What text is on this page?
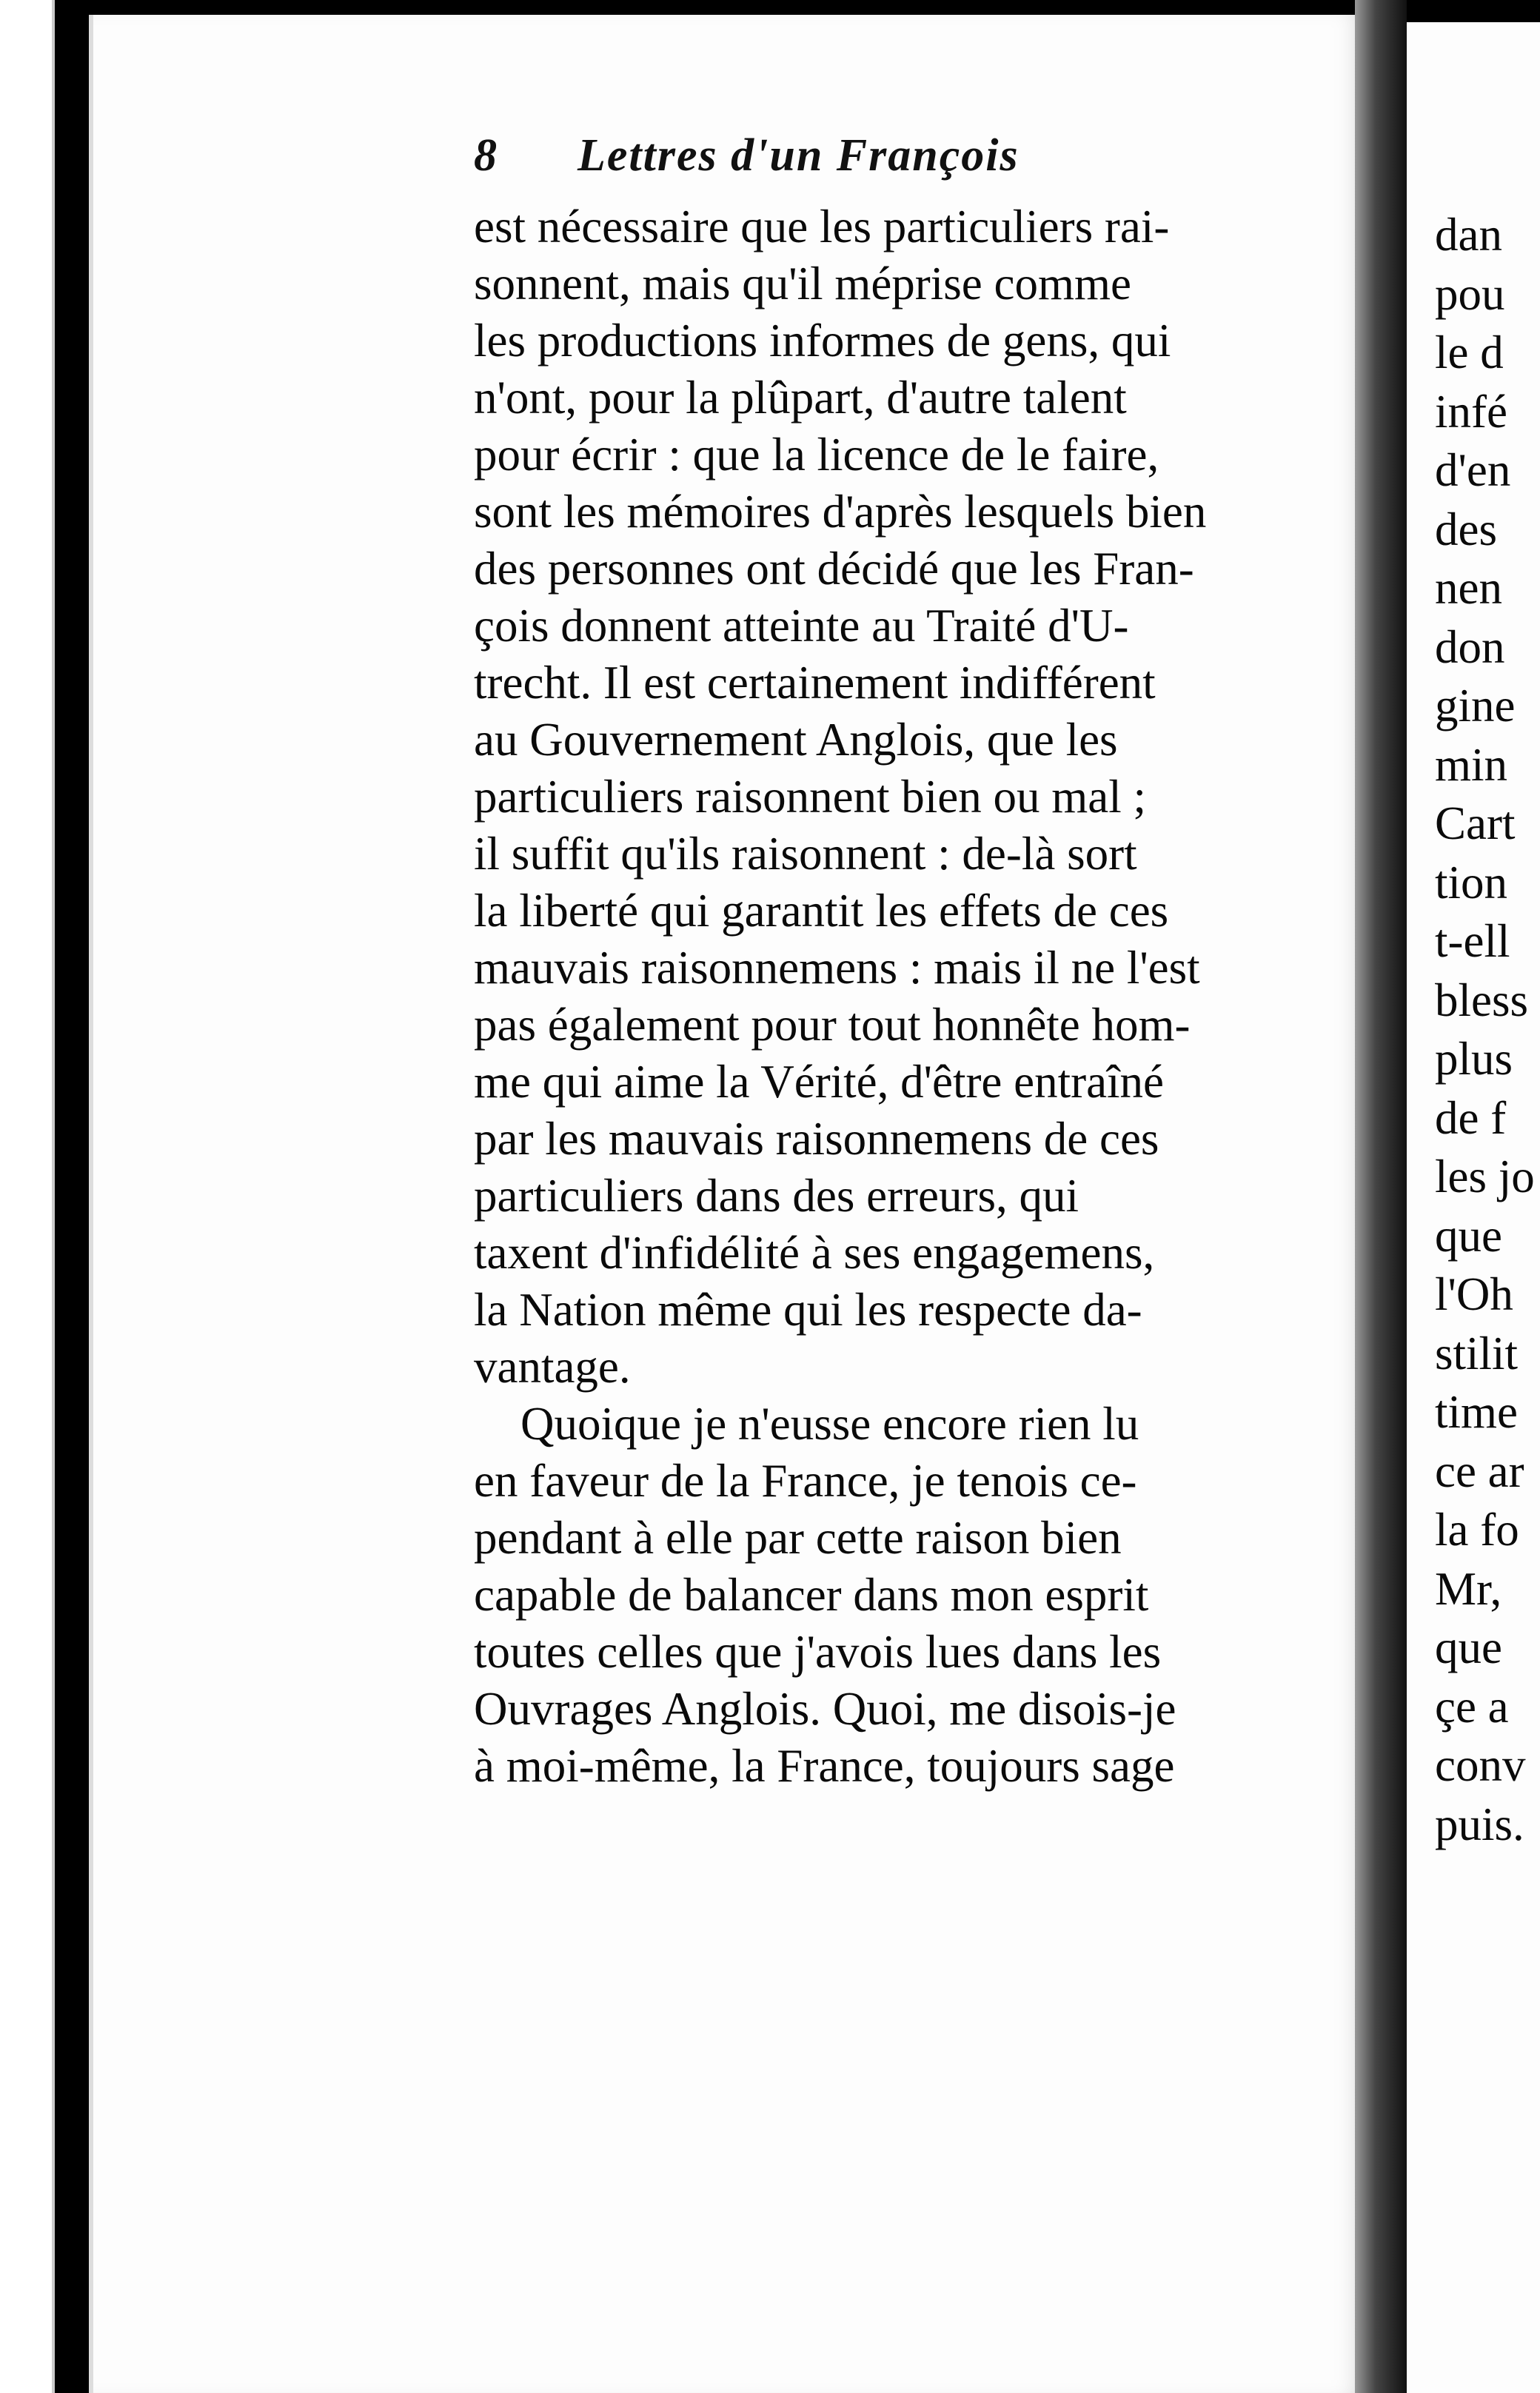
8 Lettres d'un François
est nécessaire que les particuliers rai-
sonnent, mais qu'il méprise comme
les productions informes de gens, qui
n'ont, pour la plûpart, d'autre talent
pour écrir : que la licence de le faire,
sont les mémoires d'après lesquels bien
des personnes ont décidé que les Fran-
çois donnent atteinte au Traité d'U-
trecht. Il est certainement indifférent
au Gouvernement Anglois, que les
particuliers raisonnent bien ou mal ;
il suffit qu'ils raisonnent : de-là sort
la liberté qui garantit les effets de ces
mauvais raisonnemens : mais il ne l'est
pas également pour tout honnête hom-
me qui aime la Vérité, d'être entraîné
par les mauvais raisonnemens de ces
particuliers dans des erreurs, qui
taxent d'infidélité à ses engagemens,
la Nation même qui les respecte da-
vantage.
Quoique je n'eusse encore rien lu
en faveur de la France, je tenois ce-
pendant à elle par cette raison bien
capable de balancer dans mon esprit
toutes celles que j'avois lues dans les
Ouvrages Anglois. Quoi, me disois-je
à moi-même, la France, toujours sage
dan
pou
le d
infé
d'en
des
nen
don
gine
min
Cart
tion
t-ell
bless
plus
de f
les jo
que
l'Oh
stilit
time
ce ar
la fo
Mr,
que
çe a
conv
puis.
